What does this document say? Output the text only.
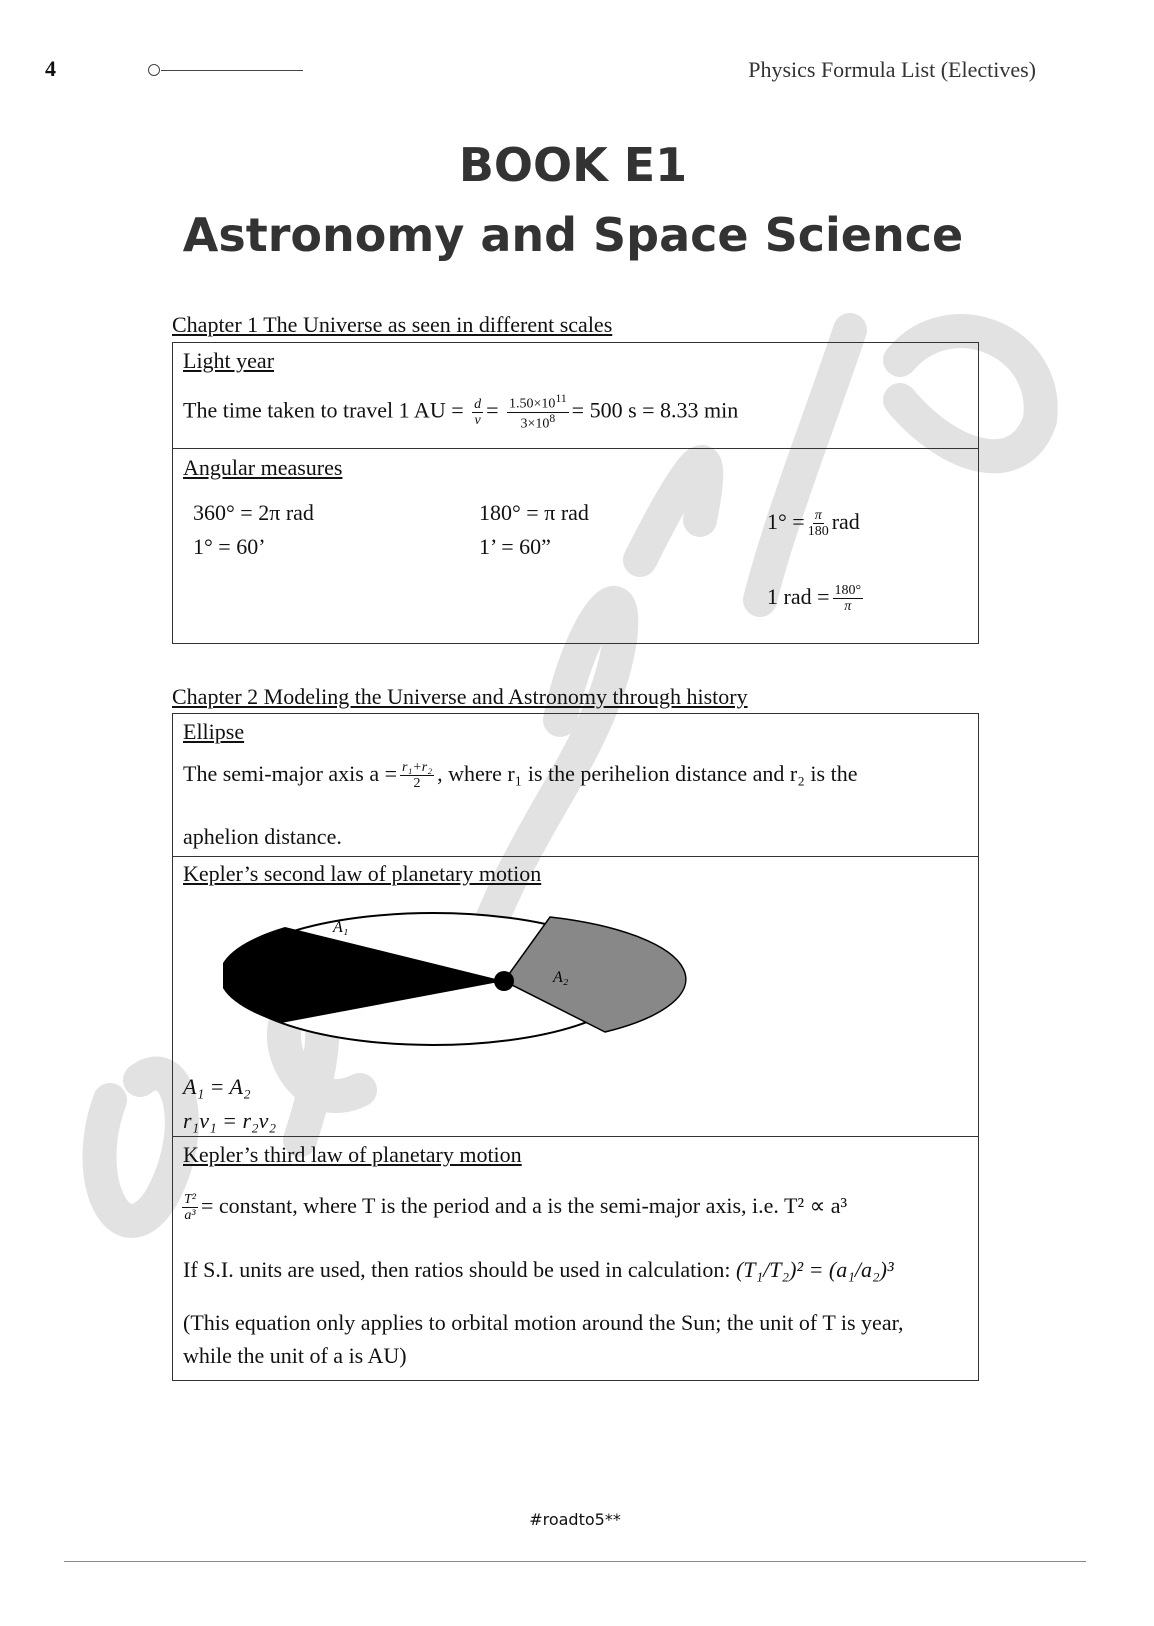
4	Physics Formula List (Electives)
BOOK E1
Astronomy and Space Science
Chapter 1 The Universe as seen in different scales
Light year
The time taken to travel 1 AU = $\frac{d}{v} = \frac{1.50\times 10^{11}}{3\times 10^8} = 500$ s = 8.33 min
Angular measures
360° = 2π rad
1° = 60’
180° = π rad
1’ = 60”
$1^\circ = \frac{\pi}{180}$ rad
1 rad = $\frac{180^\circ}{\pi}$
Chapter 2 Modeling the Universe and Astronomy through history
Ellipse
The semi-major axis $a = \frac{\text{r₁+r₂}}{2}$ , where r₁ is the perihelion distance and r₂ is the
aphelion distance.
Kepler’s second law of planetary motion
A₁
A₂
A₁ = A₂
r₁v₁ = r₂v₂
Kepler’s third law of planetary motion
$\frac{\text{T²}}{\text{a³}}$ = constant, where T is the period and a is the semi-major axis, i.e. T² ∝ a³
If S.I. units are used, then ratios should be used in calculation: (T₁/T₂)² = (a₁/a₂)³
(This equation only applies to orbital motion around the Sun; the unit of T is year,
while the unit of a is AU)
#roadto5**
